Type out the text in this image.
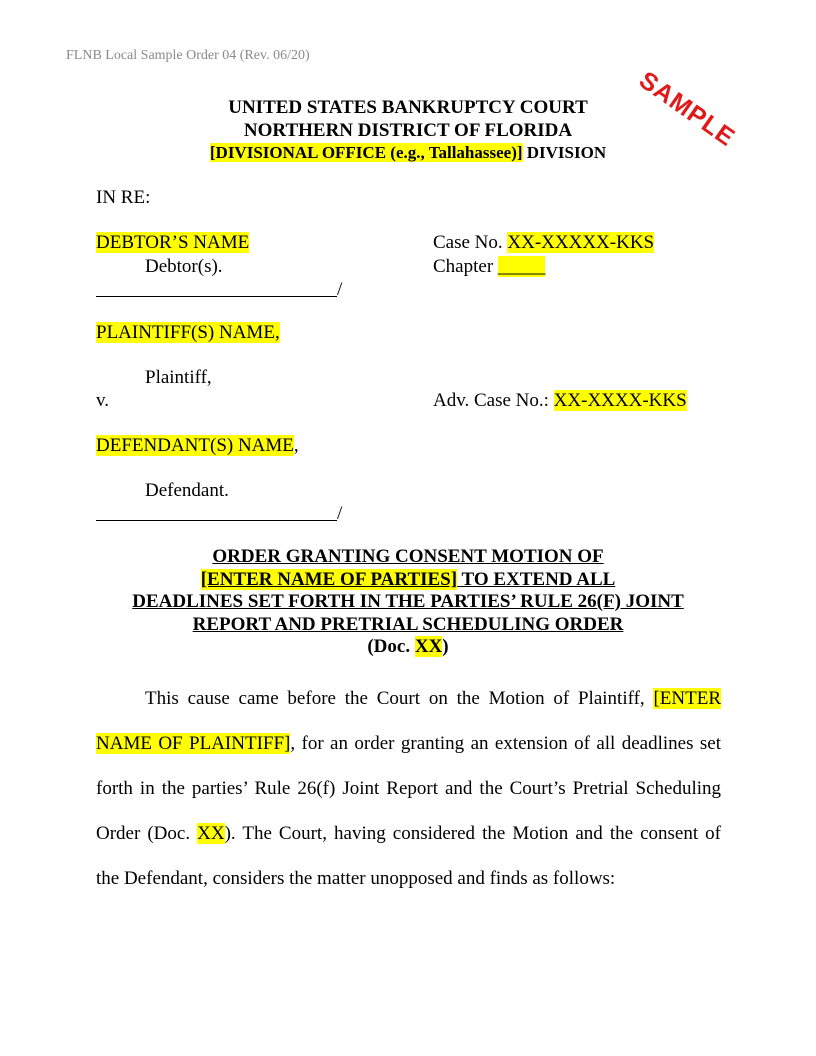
FLNB Local Sample Order 04 (Rev. 06/20)
SAMPLE
UNITED STATES BANKRUPTCY COURT
NORTHERN DISTRICT OF FLORIDA
[DIVISIONAL OFFICE (e.g., Tallahassee)] DIVISION
IN RE:
DEBTOR’S NAME
Debtor(s).
/
Case No. XX-XXXXX-KKS
Chapter _____
PLAINTIFF(S) NAME,
Plaintiff,
v.	Adv. Case No.: XX-XXXX-KKS
DEFENDANT(S) NAME,
Defendant.
/
ORDER GRANTING CONSENT MOTION OF
[ENTER NAME OF PARTIES] TO EXTEND ALL
DEADLINES SET FORTH IN THE PARTIES’ RULE 26(F) JOINT
REPORT AND PRETRIAL SCHEDULING ORDER
(Doc. XX)
This cause came before the Court on the Motion of Plaintiff, [ENTER NAME OF PLAINTIFF], for an order granting an extension of all deadlines set forth in the parties’ Rule 26(f) Joint Report and the Court’s Pretrial Scheduling Order (Doc. XX). The Court, having considered the Motion and the consent of the Defendant, considers the matter unopposed and finds as follows:
